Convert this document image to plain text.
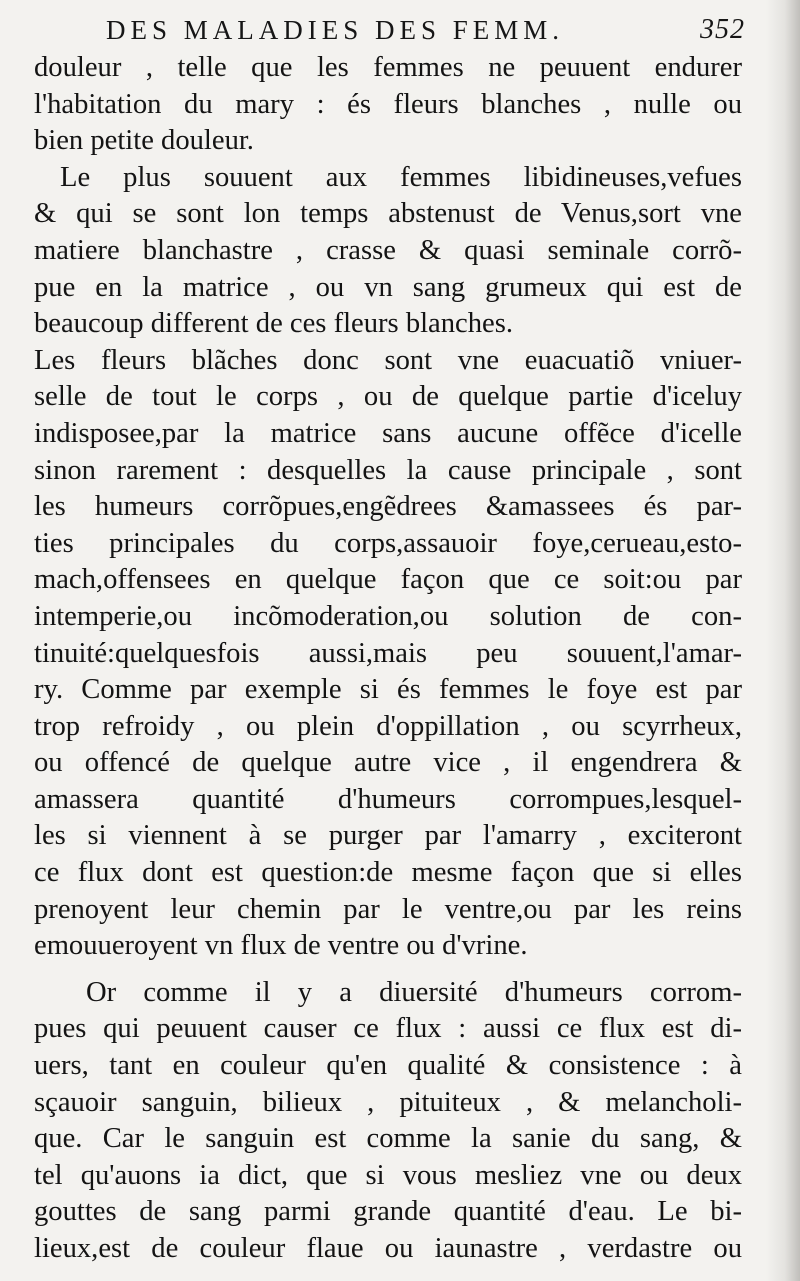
DES MALADIES DES FEMM.	352
douleur , telle que les femmes ne peuuent endurer
l'habitation du mary : és fleurs blanches , nulle ou
bien petite douleur.
Le plus souuent aux femmes libidineuses,vefues
& qui se sont lon temps abstenust de Venus,sort vne
matiere blanchastre , crasse & quasi seminale corrõ-
pue en la matrice , ou vn sang grumeux qui est de
beaucoup different de ces fleurs blanches.
Les fleurs blãches donc sont vne euacuatiõ vniuer-
selle de tout le corps , ou de quelque partie d'iceluy
indisposee,par la matrice sans aucune offẽce d'icelle
sinon rarement : desquelles la cause principale , sont
les humeurs corrõpues,engẽdrees &amassees és par-
ties principales du corps,assauoir foye,cerueau,esto-
mach,offensees en quelque façon que ce soit:ou par
intemperie,ou incõmoderation,ou solution de con-
tinuité:quelquesfois aussi,mais peu souuent,l'amar-
ry. Comme par exemple si és femmes le foye est par
trop refroidy , ou plein d'oppillation , ou scyrrheux,
ou offencé de quelque autre vice , il engendrera &
amassera quantité d'humeurs corrompues,lesquel-
les si viennent à se purger par l'amarry , exciteront
ce flux dont est question:de mesme façon que si elles
prenoyent leur chemin par le ventre,ou par les reins
emouueroyent vn flux de ventre ou d'vrine.
Or comme il y a diuersité d'humeurs corrom-
pues qui peuuent causer ce flux : aussi ce flux est di-
uers, tant en couleur qu'en qualité & consistence : à
sçauoir sanguin, bilieux , pituiteux , & melancholi-
que. Car le sanguin est comme la sanie du sang, &
tel qu'auons ia dict, que si vous mesliez vne ou deux
gouttes de sang parmi grande quantité d'eau. Le bi-
lieux,est de couleur flaue ou iaunastre , verdastre ou
